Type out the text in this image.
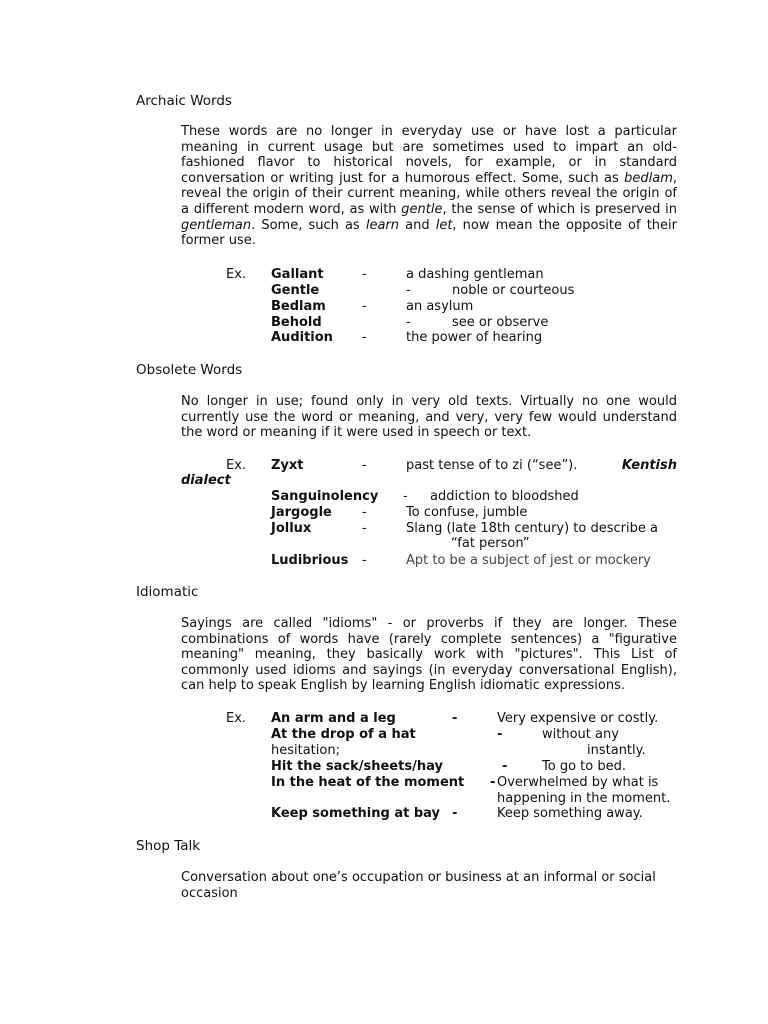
Archaic Words
These words are no longer in everyday use or have lost a particular meaning in current usage but are sometimes used to impart an old-fashioned flavor to historical novels, for example, or in standard conversation or writing just for a humorous effect. Some, such as bedlam, reveal the origin of their current meaning, while others reveal the origin of a different modern word, as with gentle, the sense of which is preserved in gentleman. Some, such as learn and let, now mean the opposite of their former use.
Ex. Gallant	-	a dashing gentleman
Gentle	-	noble or courteous
Bedlam	-	an asylum
Behold	-	see or observe
Audition -	the power of hearing
Obsolete Words
No longer in use; found only in very old texts. Virtually no one would currently use the word or meaning, and very, very few would understand the word or meaning if it were used in speech or text.
Ex. Zyxt	-	past tense of to zi (“see”).	Kentish
dialect
Sanguinolency - addiction to bloodshed
Jargogle -	To confuse, jumble
Jollux	-	Slang (late 18th century) to describe a
“fat person”
Ludibrious -	Apt to be a subject of jest or mockery
Idiomatic
Sayings are called "idioms" - or proverbs if they are longer. These combinations of words have (rarely complete sentences) a "figurative meaning" meaning, they basically work with "pictures". This List of commonly used idioms and sayings (in everyday conversational English), can help to speak English by learning English idiomatic expressions.
Ex. An arm and a leg	-	Very expensive or costly.
At the drop of a hat	-	without any
hesitation;	instantly.
Hit the sack/sheets/hay	-	To go to bed.
In the heat of the moment - Overwhelmed by what is
happening in the moment.
Keep something at bay -	Keep something away.
Shop Talk
Conversation about one’s occupation or business at an informal or social occasion
